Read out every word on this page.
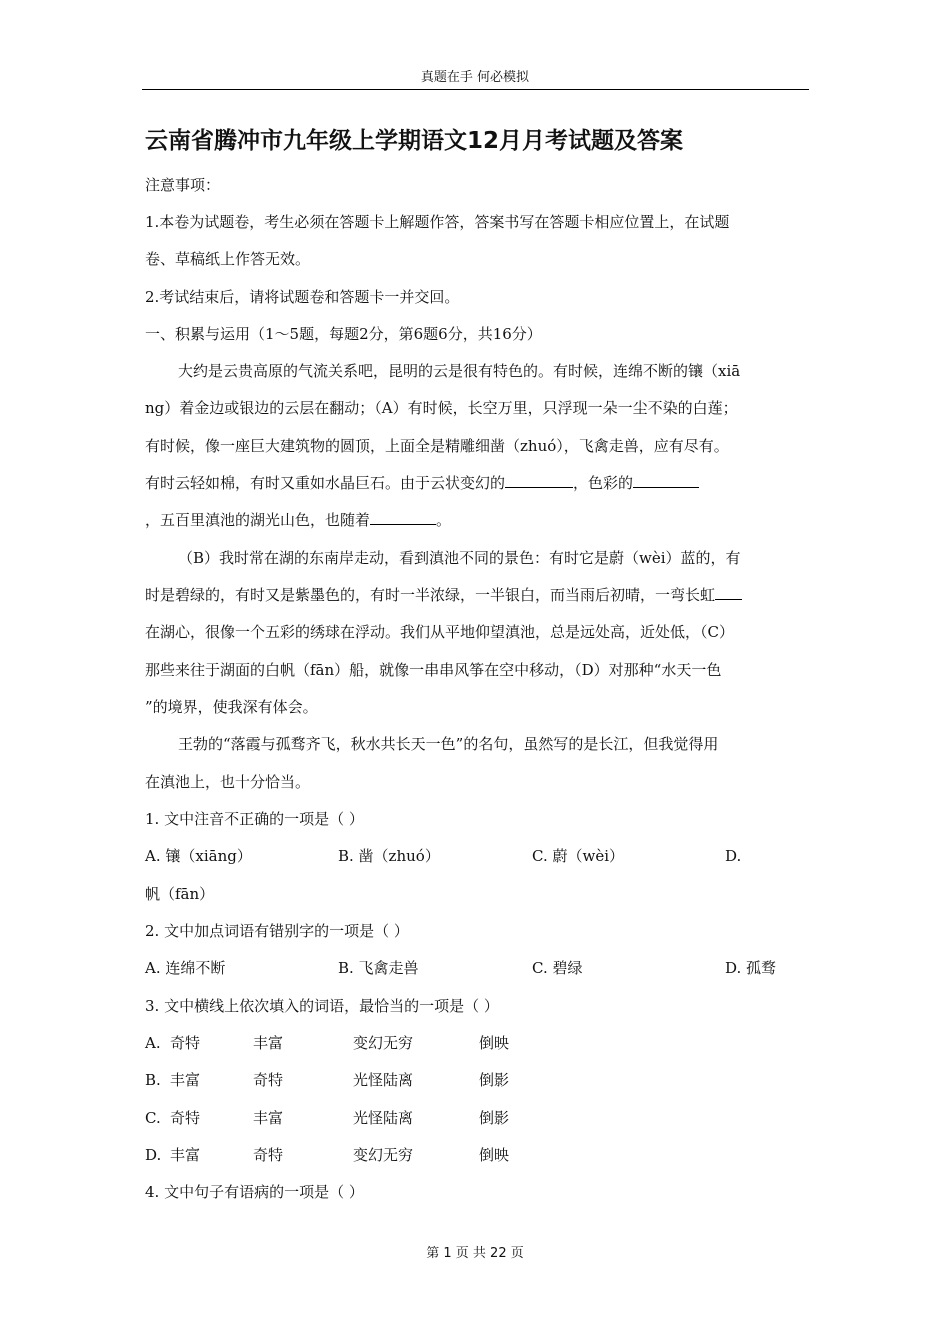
真题在手 何必模拟
云南省腾冲市九年级上学期语文12月月考试题及答案
注意事项：
1.本卷为试题卷，考生必须在答题卡上解题作答，答案书写在答题卡相应位置上，在试题
卷、草稿纸上作答无效。
2.考试结束后，请将试题卷和答题卡一并交回。
一、积累与运用（1～5题，每题2分，第6题6分，共16分）
大约是云贵高原的气流关系吧，昆明的云是很有特色的。有时候，连绵不断的镶（xiā
ng）着金边或银边的云层在翻动；（A）有时候，长空万里，只浮现一朵一尘不染的白莲；
有时候，像一座巨大建筑物的圆顶，上面全是精雕细凿（zhuó），飞禽走兽，应有尽有。
有时云轻如棉，有时又重如水晶巨石。由于云状变幻的	，色彩的
，五百里滇池的湖光山色，也随着	。
（B）我时常在湖的东南岸走动，看到滇池不同的景色：有时它是蔚（wèi）蓝的，有
时是碧绿的，有时又是紫墨色的，有时一半浓绿，一半银白，而当雨后初晴，一弯长虹
在湖心，很像一个五彩的绣球在浮动。我们从平地仰望滇池，总是远处高，近处低，（C）
那些来往于湖面的白帆（fān）船，就像一串串风筝在空中移动，（D）对那种“水天一色
”的境界，使我深有体会。
王勃的“落霞与孤骛齐飞，秋水共长天一色”的名句，虽然写的是长江，但我觉得用
在滇池上，也十分恰当。
1. 文中注音不正确的一项是（ ）
A. 镶（xiāng）	B. 凿（zhuó）	C. 蔚（wèi）	D.
帆（fān）
2. 文中加点词语有错别字的一项是（ ）
A. 连绵不断	B. 飞禽走兽	C. 碧绿	D. 孤骛
3. 文中横线上依次填入的词语，最恰当的一项是（ ）
A. 奇特	丰富	变幻无穷	倒映
B. 丰富	奇特	光怪陆离	倒影
C. 奇特	丰富	光怪陆离	倒影
D. 丰富	奇特	变幻无穷	倒映
4. 文中句子有语病的一项是（ ）
第 1 页 共 22 页
